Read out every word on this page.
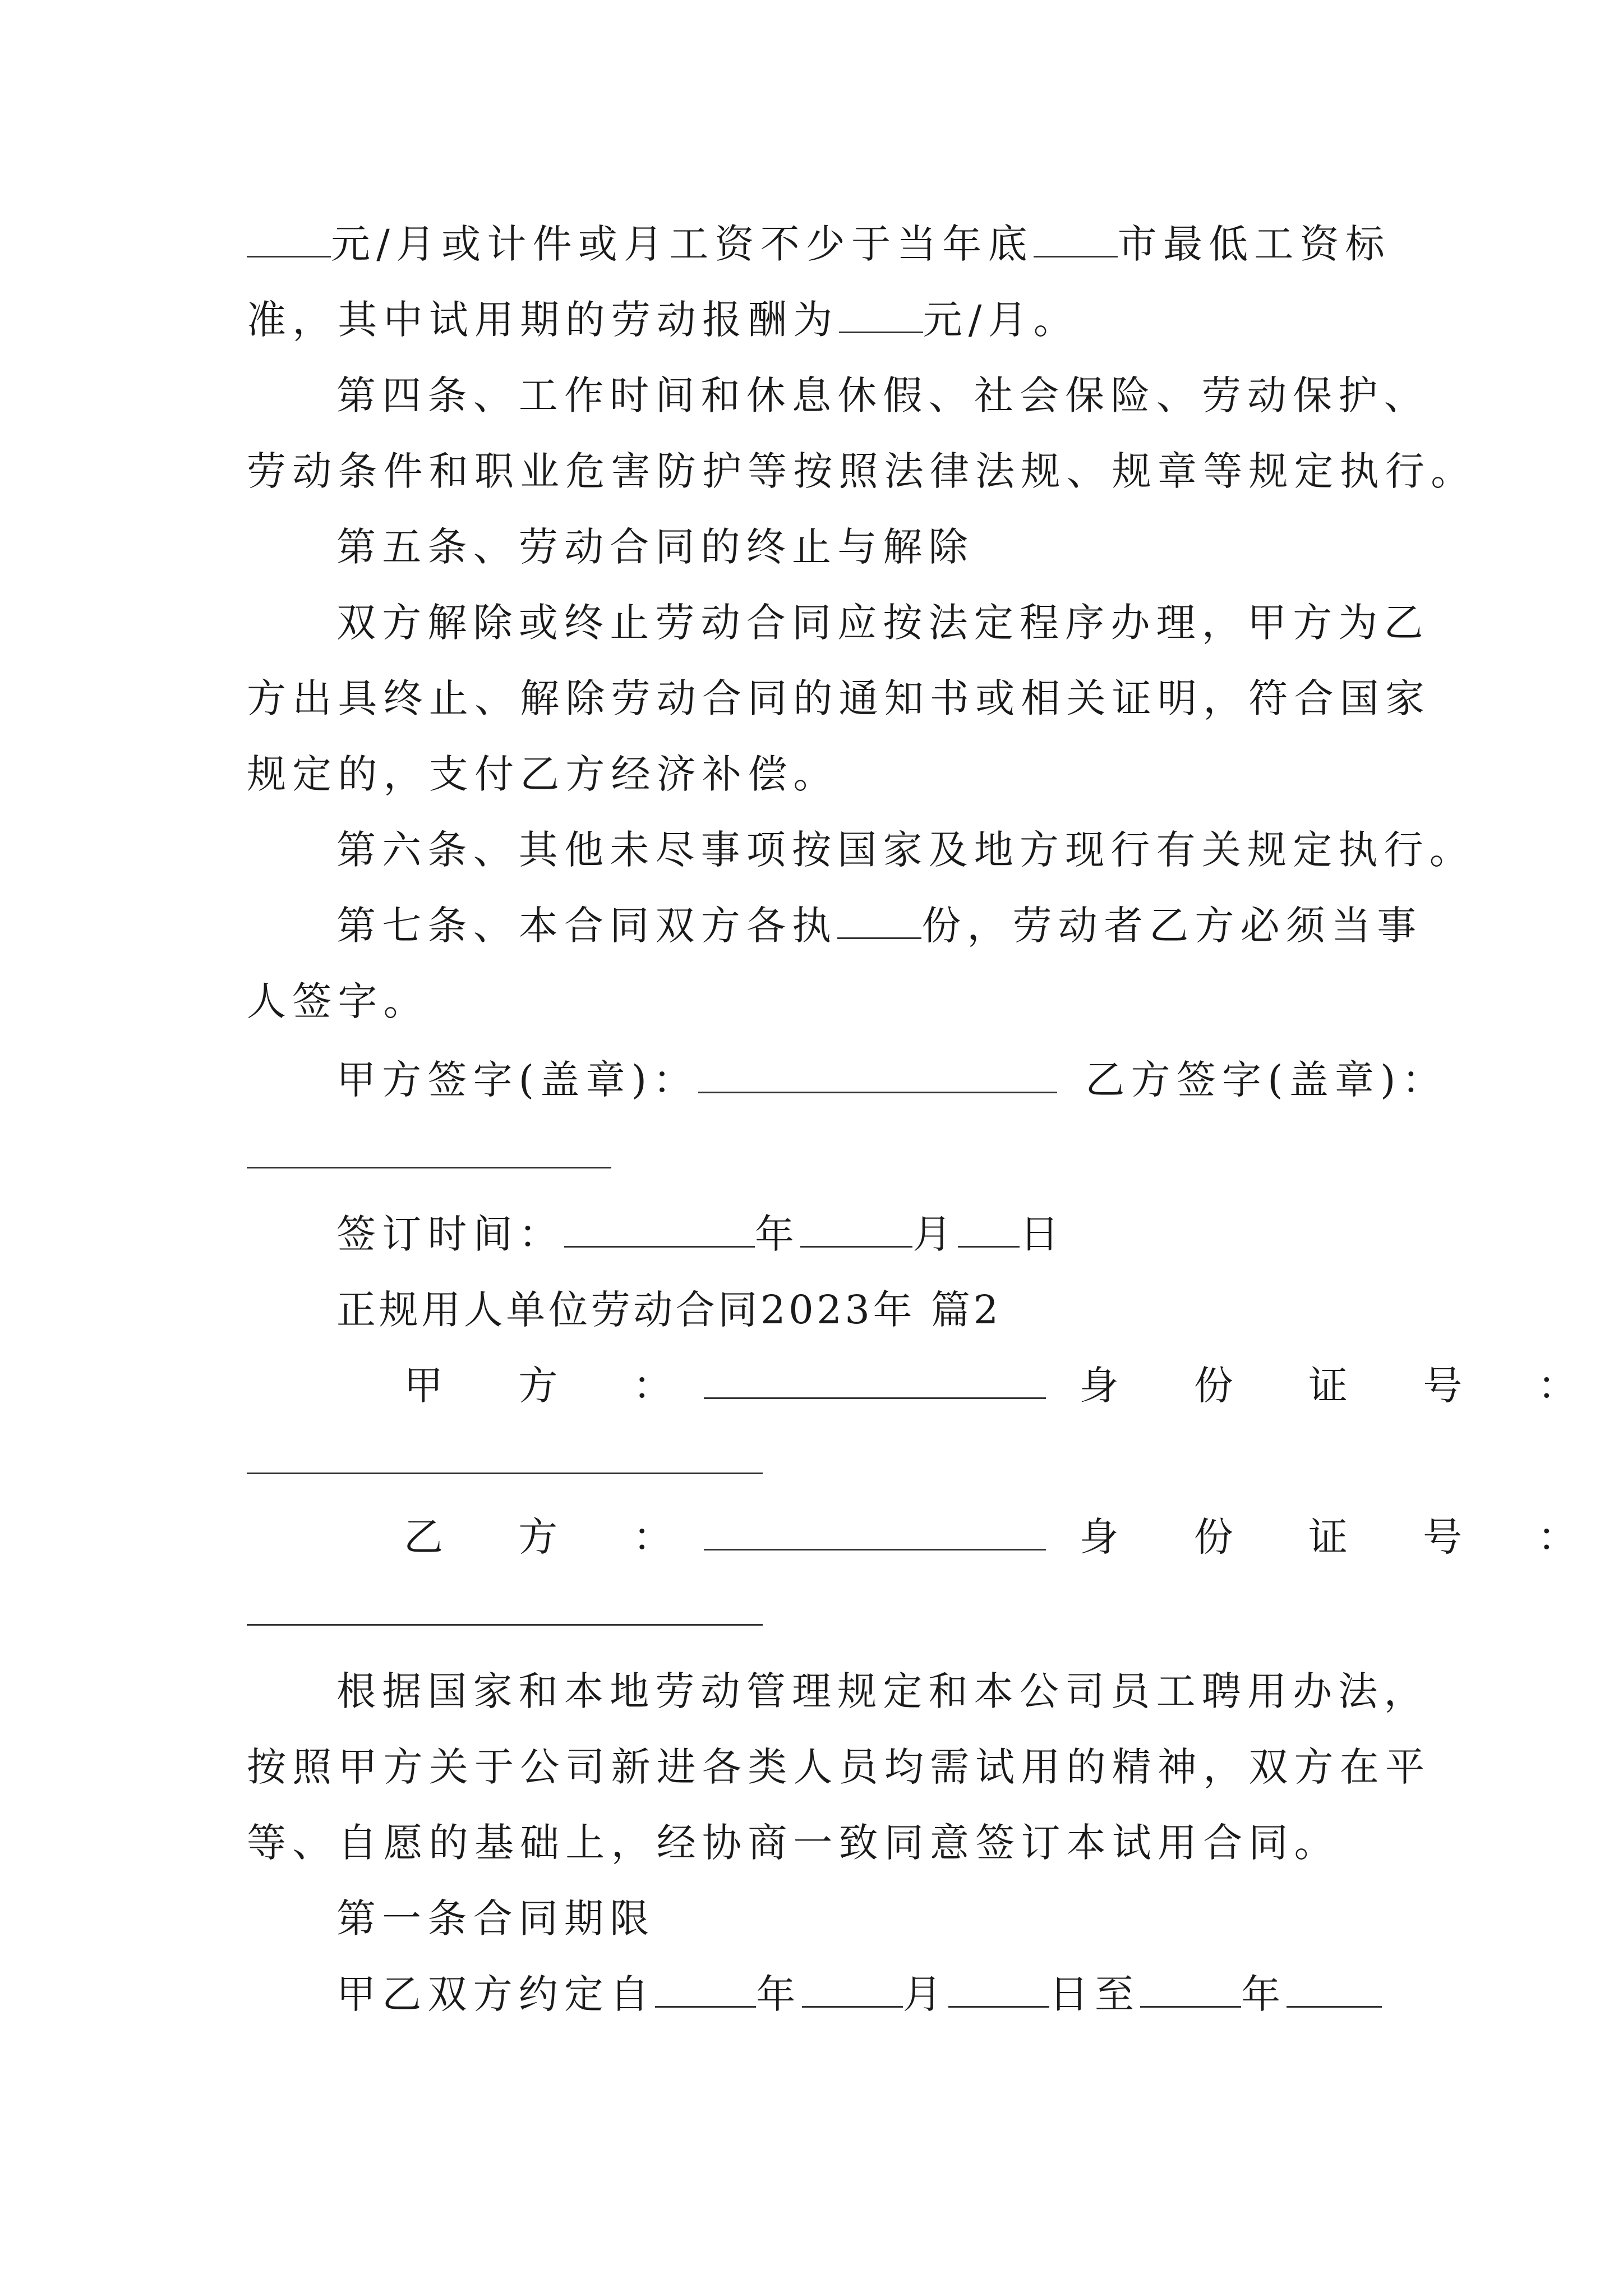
元/月或计件或月工资不少于当年底 市最低工资标
准，其中试用期的劳动报酬为 元/月。
第四条、工作时间和休息休假、社会保险、劳动保护、
劳动条件和职业危害防护等按照法律法规、规章等规定执行。
第五条、劳动合同的终止与解除
双方解除或终止劳动合同应按法定程序办理，甲方为乙
方出具终止、解除劳动合同的通知书或相关证明，符合国家
规定的，支付乙方经济补偿。
第六条、其他未尽事项按国家及地方现行有关规定执行。
第七条、本合同双方各执 份，劳动者乙方必须当事
人签字。
甲方签字(盖章)：	乙方签字(盖章)：
签订时间：	年	月 日
正规用人单位劳动合同2023年 篇2
甲 方 ：	身 份 证 号 ：
乙 方 ：	身 份 证 号 ：
根据国家和本地劳动管理规定和本公司员工聘用办法，
按照甲方关于公司新进各类人员均需试用的精神，双方在平
等、自愿的基础上，经协商一致同意签订本试用合同。
第一条合同期限
甲乙双方约定自	年	月	日至	年
